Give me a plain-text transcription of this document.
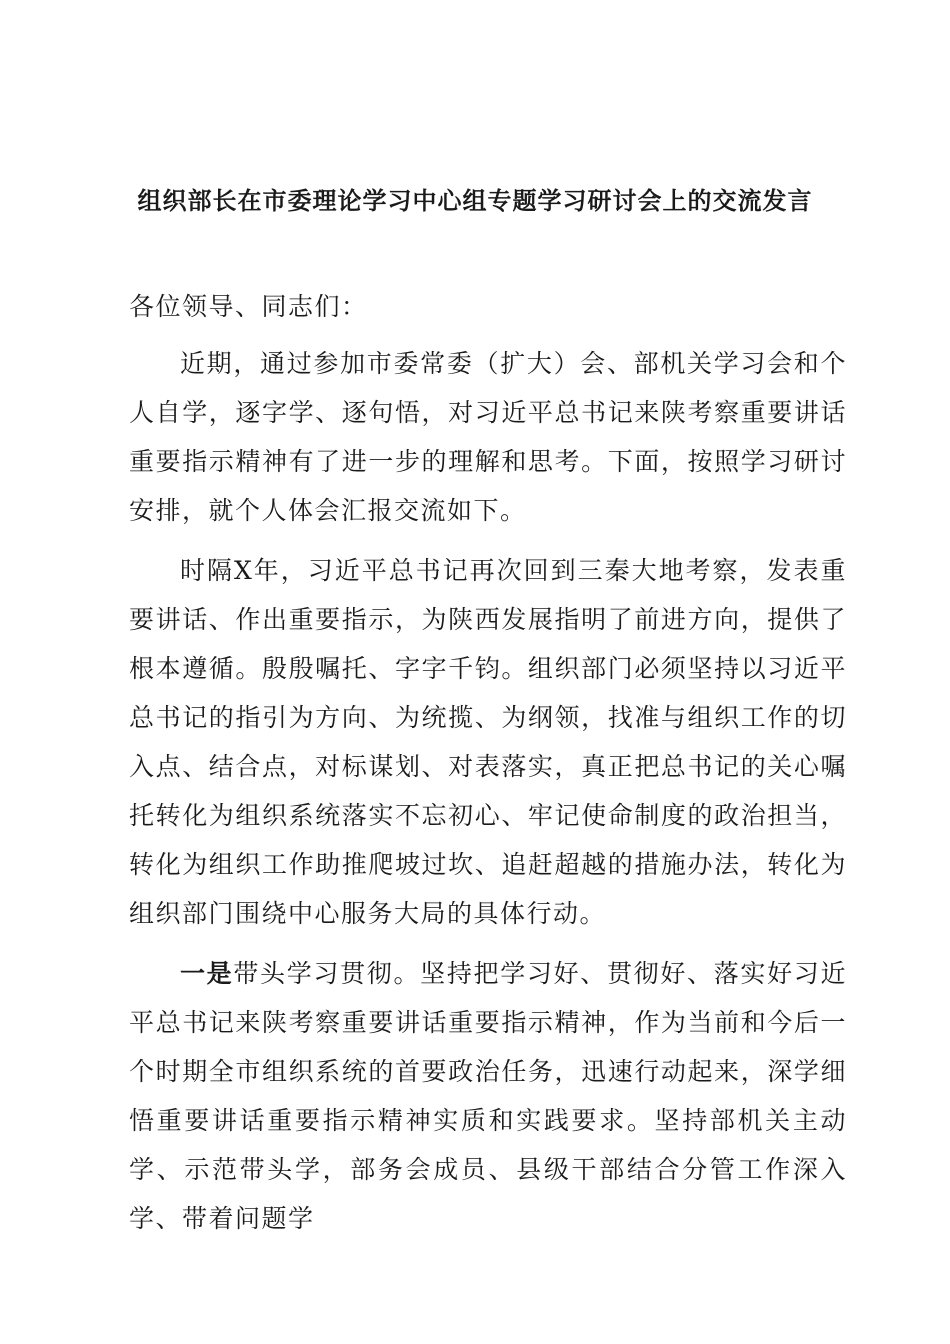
组织部长在市委理论学习中心组专题学习研讨会上的交流发言

各位领导、同志们：

近期，通过参加市委常委（扩大）会、部机关学习会和个人自学，逐字学、逐句悟，对习近平总书记来陕考察重要讲话重要指示精神有了进一步的理解和思考。下面，按照学习研讨安排，就个人体会汇报交流如下。

时隔X年，习近平总书记再次回到三秦大地考察，发表重要讲话、作出重要指示，为陕西发展指明了前进方向，提供了根本遵循。殷殷嘱托、字字千钧。组织部门必须坚持以习近平总书记的指引为方向、为统揽、为纲领，找准与组织工作的切入点、结合点，对标谋划、对表落实，真正把总书记的关心嘱托转化为组织系统落实不忘初心、牢记使命制度的政治担当，转化为组织工作助推爬坡过坎、追赶超越的措施办法，转化为组织部门围绕中心服务大局的具体行动。

一是带头学习贯彻。坚持把学习好、贯彻好、落实好习近平总书记来陕考察重要讲话重要指示精神，作为当前和今后一个时期全市组织系统的首要政治任务，迅速行动起来，深学细悟重要讲话重要指示精神实质和实践要求。坚持部机关主动学、示范带头学，部务会成员、县级干部结合分管工作深入学、带着问题学
